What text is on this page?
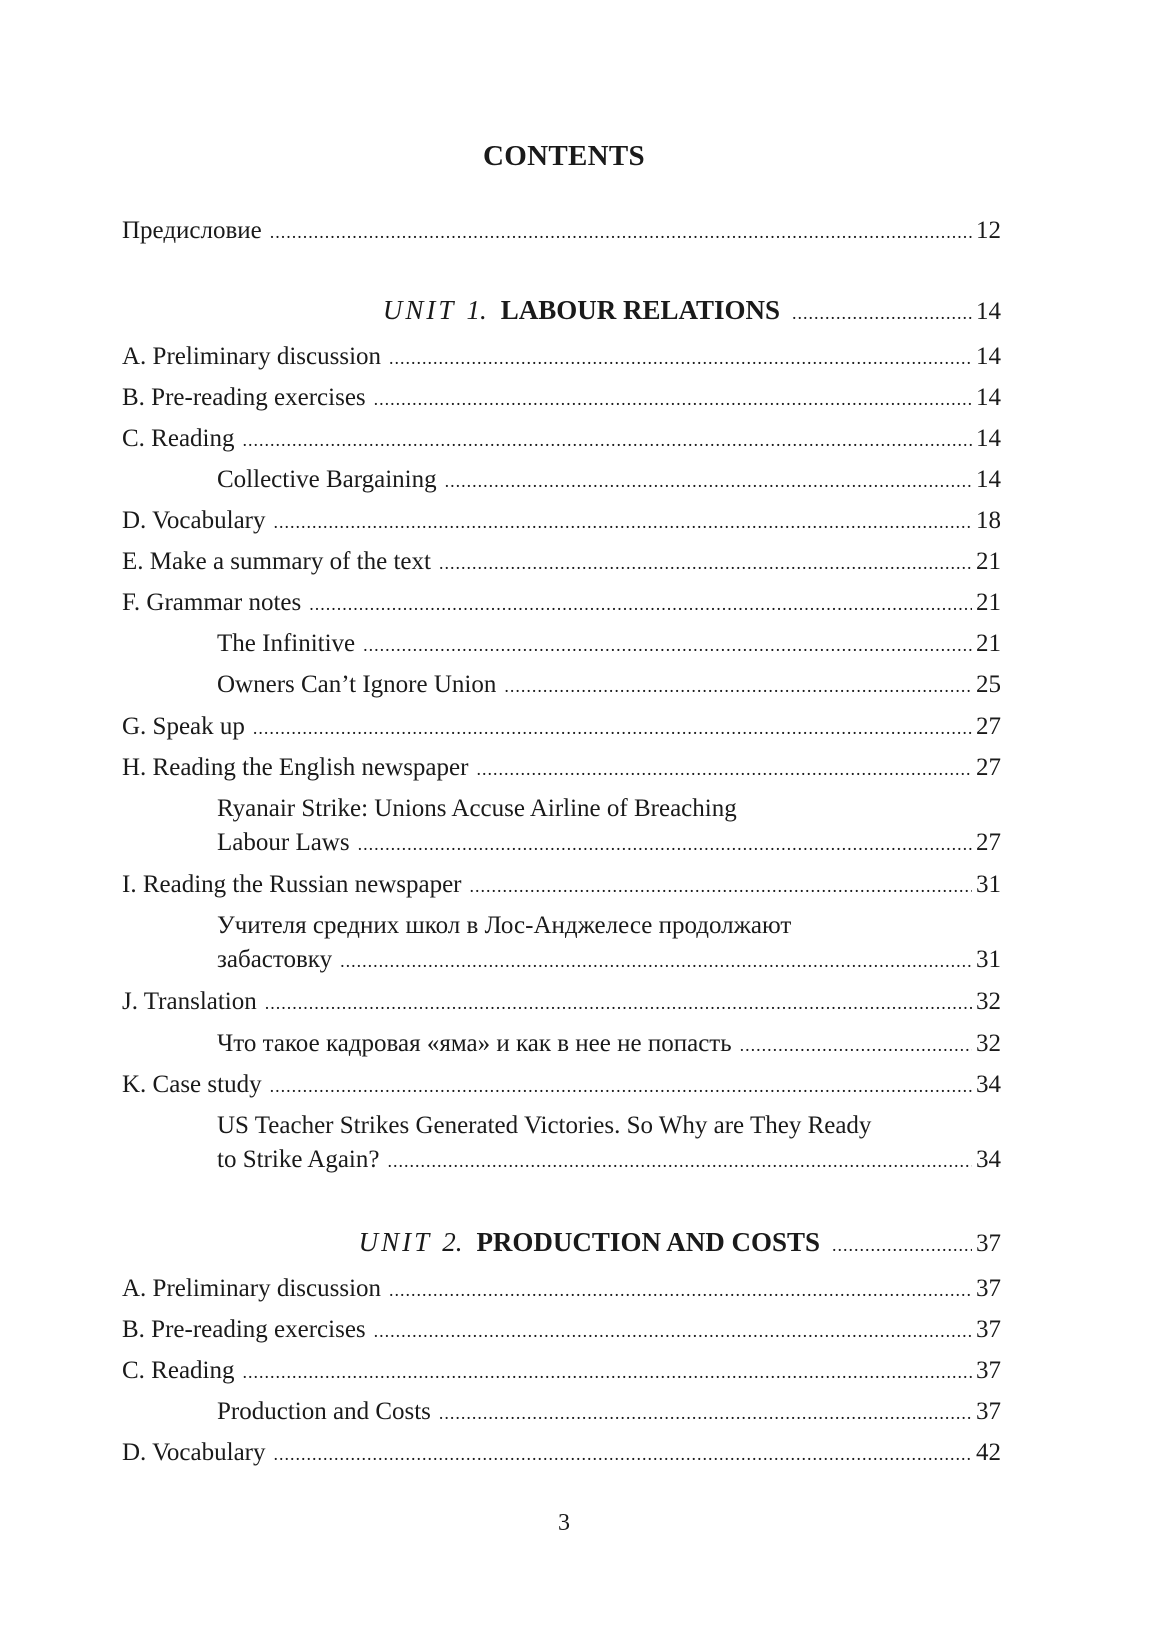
CONTENTS
Предисловие .....	12
UNIT 1. LABOUR RELATIONS .....	14
A. Preliminary discussion .....	14
B. Pre-reading exercises .....	14
C. Reading .....	14
Collective Bargaining .....	14
D. Vocabulary .....	18
E. Make a summary of the text .....	21
F. Grammar notes .....	21
The Infinitive .....	21
Owners Can’t Ignore Union .....	25
G. Speak up .....	27
H. Reading the English newspaper .....	27
Ryanair Strike: Unions Accuse Airline of Breaching
Labour Laws .....	27
I. Reading the Russian newspaper .....	31
Учителя средних школ в Лос-Анджелесе продолжают
забастовку .....	31
J. Translation .....	32
Что такое кадровая «яма» и как в нее не попасть .....	32
K. Case study .....	34
US Teacher Strikes Generated Victories. So Why are They Ready
to Strike Again? .....	34
UNIT 2. PRODUCTION AND COSTS .....	37
A. Preliminary discussion .....	37
B. Pre-reading exercises .....	37
C. Reading .....	37
Production and Costs .....	37
D. Vocabulary .....	42
3
